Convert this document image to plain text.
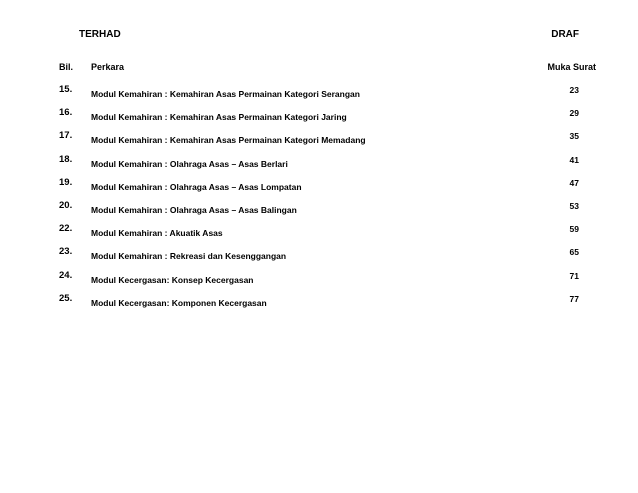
TERHAD	DRAF
Bil. Perkara	Muka Surat
15. Modul Kemahiran : Kemahiran Asas Permainan Kategori Serangan	23
16. Modul Kemahiran : Kemahiran Asas Permainan Kategori Jaring	29
17. Modul Kemahiran : Kemahiran Asas Permainan Kategori Memadang	35
18. Modul Kemahiran : Olahraga Asas – Asas Berlari	41
19. Modul Kemahiran : Olahraga Asas – Asas Lompatan	47
20. Modul Kemahiran : Olahraga Asas – Asas Balingan	53
22. Modul Kemahiran : Akuatik Asas	59
23. Modul Kemahiran : Rekreasi dan Kesenggangan	65
24. Modul Kecergasan: Konsep Kecergasan	71
25. Modul Kecergasan: Komponen Kecergasan	77
